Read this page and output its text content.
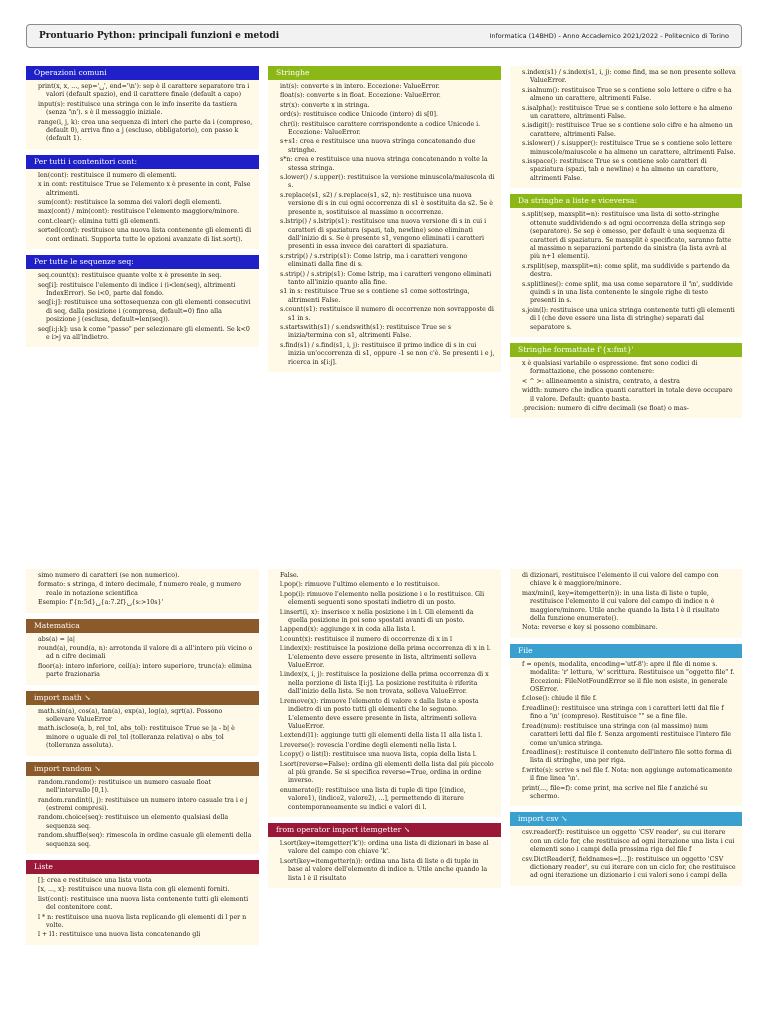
Prontuario Python: principali funzioni e metodi	Informatica (14BHD) - Anno Accademico 2021/2022 - Politecnico di Torino
Operazioni comuni

print(x, x, ..., sep='␣', end='\n'): sep è il carattere separatore tra i valori (default spazio), end il carattere finale (default a capo)

input(s): restituisce una stringa con le info inserite da tastiera (senza '\n'). s è il messaggio iniziale.

range(i, j, k): crea una sequenza di interi che parte da i (compreso, default 0), arriva fino a j (escluso, obbligatorio), con passo k (default 1).

Per tutti i contenitori cont:

len(cont): restituisce il numero di elementi.

x in cont: restituisce True se l'elemento x è presente in cont, False altrimenti.

sum(cont): restituisce la somma dei valori degli elementi.

max(cont) / min(cont): restituisce l'elemento maggiore/minore.

cont.clear(): elimina tutti gli elementi.

sorted(cont): restituisce una nuova lista contenente gli elementi di cont ordinati. Supporta tutte le opzioni avanzate di list.sort().

Per tutte le sequenze seq:

seq.count(x): restituisce quante volte x è presente in seq.

seq[i]: restituisce l'elemento di indice i (i<len(seq), altrimenti IndexError). Se i<0, parte dal fondo.

seq[i:j]: restituisce una sottosequenza con gli elementi consecutivi di seq, dalla posizione i (compresa, default=0) fino alla posizione j (esclusa, default=len(seq)).

seq[i:j:k]: usa k come "passo" per selezionare gli elementi. Se k<0 e i>j va all'indietro.

Stringhe

int(s): converte s in intero. Eccezione: ValueError.

float(s): converte s in float. Eccezione: ValueError.

str(x): converte x in stringa.

ord(s): restituisce codice Unicode (intero) di s[0].

chr(i): restituisce carattere corrispondente a codice Unicode i. Eccezione: ValueError.

s+s1: crea e restituisce una nuova stringa concatenando due stringhe.

s*n: crea e restituisce una nuova stringa concatenando n volte la stessa stringa.

s.lower() / s.upper(): restituisce la versione minuscola/maiuscola di s.

s.replace(s1, s2) / s.replace(s1, s2, n): restituisce una nuova versione di s in cui ogni occorrenza di s1 è sostituita da s2. Se è presente n, sostituisce al massimo n occorrenze.

s.lstrip() / s.lstrip(s1): restituisce una nuova versione di s in cui i caratteri di spaziatura (spazi, tab, newline) sono eliminati dall'inizio di s. Se è presente s1, vengono eliminati i caratteri presenti in essa invece dei caratteri di spaziatura.

s.rstrip() / s.rstrip(s1): Come lstrip, ma i caratteri vengono eliminati dalla fine di s.

s.strip() / s.strip(s1): Come lstrip, ma i caratteri vengono eliminati tanto all'inizio quanto alla fine.

s1 in s: restituisce True se s contiene s1 come sottostringa, altrimenti False.

s.count(s1): restituisce il numero di occorrenze non sovrapposte di s1 in s.

s.startswith(s1) / s.endswith(s1): restituisce True se s inizia/termina con s1, altrimenti False.

s.find(s1) / s.find(s1, i, j): restituisce il primo indice di s in cui inizia un'occorrenza di s1, oppure -1 se non c'è. Se presenti i e j, ricerca in s[i:j].

s.index(s1) / s.index(s1, i, j): come find, ma se non presente solleva ValueError.

s.isalnum(): restituisce True se s contiene solo lettere o cifre e ha almeno un carattere, altrimenti False.

s.isalpha(): restituisce True se s contiene solo lettere e ha almeno un carattere, altrimenti False.

s.isdigit(): restituisce True se s contiene solo cifre e ha almeno un carattere, altrimenti False.

s.islower() / s.isupper(): restituisce True se s contiene solo lettere minuscole/maiuscole e ha almeno un carattere, altrimenti False.

s.isspace(): restituisce True se s contiene solo caratteri di spaziatura (spazi, tab e newline) e ha almeno un carattere, altrimenti False.

Da stringhe a liste e viceversa:

s.split(sep, maxsplit=n): restituisce una lista di sotto-stringhe ottenute suddividendo s ad ogni occorrenza della stringa sep (separatore). Se sep è omesso, per default è una sequenza di caratteri di spaziatura. Se maxsplit è specificato, saranno fatte al massimo n separazioni partendo da sinistra (la lista avrà al più n+1 elementi).

s.rsplit(sep, maxsplit=n): come split, ma suddivide s partendo da destra.

s.splitlines(): come split, ma usa come separatore il '\n', suddivide quindi s in una lista contenente le singole righe di testo presenti in s.

s.join(l): restituisce una unica stringa contenente tutti gli elementi di l (che deve essere una lista di stringhe) separati dal separatore s.

Stringhe formattate f'{x:fmt}'

x è qualsiasi variabile o espressione. fmt sono codici di formattazione, che possono contenere:

< ^ >: allineamento a sinistra, centrato, a destra

width: numero che indica quanti caratteri in totale deve occupare il valore. Default: quanto basta.

.precision: numero di cifre decimali (se float) o mas-

simo numero di caratteri (se non numerico).

formato: s stringa, d intero decimale, f numero reale, g numero reale in notazione scientifica

Esempio: f'{n:5d}␣{a:7.2f}␣{s:>10s}'

Matematica

abs(a) = |a|

round(a), round(a, n): arrotonda il valore di a all'intero più vicino o ad n cifre decimali

floor(a): intero inferiore, ceil(a): intero superiore, trunc(a): elimina parte frazionaria

import math ↘

math.sin(a), cos(a), tan(a), exp(a), log(a), sqrt(a). Possono sollevare ValueError

math.isclose(a, b, rel_tol, abs_tol): restituisce True se |a - b| è minore o uguale di rel_tol (tolleranza relativa) o abs_tol (tolleranza assoluta).

import random ↘

random.random(): restituisce un numero casuale float nell'intervallo [0,1).

random.randint(i, j): restituisce un numero intero casuale tra i e j (estremi compresi).

random.choice(seq): restituisce un elemento qualsiasi della sequenza seq.

random.shuffle(seq): rimescola in ordine casuale gli elementi della sequenza seq.

Liste

[]: crea e restituisce una lista vuota

[x, ..., x]: restituisce una nuova lista con gli elementi forniti.

list(cont): restituisce una nuova lista contenente tutti gli elementi del contenitore cont.

l * n: restituisce una nuova lista replicando gli elementi di l per n volte.

l + l1: restituisce una nuova lista concatenando gli

False.

l.pop(): rimuove l'ultimo elemento e lo restituisce.

l.pop(i): rimuove l'elemento nella posizione i e lo restituisce. Gli elementi seguenti sono spostati indietro di un posto.

l.insert(i, x): inserisce x nella posizione i in l. Gli elementi da quella posizione in poi sono spostati avanti di un posto.

l.append(x): aggiunge x in coda alla lista l.

l.count(x): restituisce il numero di occorrenze di x in l

l.index(x): restituisce la posizione della prima occorrenza di x in l. L'elemento deve essere presente in lista, altrimenti solleva ValueError.

l.index(x, i, j): restituisce la posizione della prima occorrenza di x nella porzione di lista l[i:j]. La posizione restituita è riferita dall'inizio della lista. Se non trovata, solleva ValueError.

l.remove(x): rimuove l'elemento di valore x dalla lista e sposta indietro di un posto tutti gli elementi che lo seguono. L'elemento deve essere presente in lista, altrimenti solleva ValueError.

l.extend(l1): aggiunge tutti gli elementi della lista l1 alla lista l.

l.reverse(): rovescia l'ordine degli elementi nella lista l.

l.copy() o list(l): restituisce una nuova lista, copia della lista l.

l.sort(reverse=False): ordina gli elementi della lista dal più piccolo al più grande. Se si specifica reverse=True, ordina in ordine inverso.

enumerate(l): restituisce una lista di tuple di tipo [(indice, valore1), (indice2, valore2), ...], permettendo di iterare contemporaneamente su indici e valori di l.

from operator import itemgetter ↘

l.sort(key=itemgetter('k')): ordina una lista di dizionari in base al valore del campo con chiave 'k'.

l.sort(key=itemgetter(n)): ordina una lista di liste o di tuple in base al valore dell'elemento di indice n. Utile anche quando la lista l è il risultato

di dizionari, restituisce l'elemento il cui valore del campo con chiave k è maggiore/minore.

max/min(l, key=itemgetter(n)): in una lista di liste o tuple, restituisce l'elemento il cui valore del campo di indice n è maggiore/minore. Utile anche quando la lista l è il risultato della funzione enumerate().

Nota: reverse e key si possono combinare.

File

f = open(s, modalita, encoding='utf-8'): apre il file di nome s. modalita: 'r' lettura, 'w' scrittura. Restituisce un "oggetto file" f. Eccezioni: FileNotFoundError se il file non esiste, in generale OSError.

f.close(): chiude il file f.

f.readline(): restituisce una stringa con i caratteri letti dal file f fino a '\n' (compreso). Restituisce "" se a fine file.

f.read(num): restituisce una stringa con (al massimo) num caratteri letti dal file f. Senza argomenti restituisce l'intero file come un'unica stringa.

f.readlines(): restituisce il contenuto dell'intero file sotto forma di lista di stringhe, una per riga.

f.write(s): scrive s nel file f. Nota: non aggiunge automaticamente il fine linea '\n'.

print(..., file=f): come print, ma scrive nel file f anziché su schermo.

import csv ↘

csv.reader(f): restituisce un oggetto 'CSV reader', su cui iterare con un ciclo for, che restituisce ad ogni iterazione una lista i cui elementi sono i campi della prossima riga del file f

csv.DictReader(f, fieldnames=[...]): restituisce un oggetto 'CSV dictionary reader', su cui iterare con un ciclo for, che restituisce ad ogni iterazione un dizionario i cui valori sono i campi della
